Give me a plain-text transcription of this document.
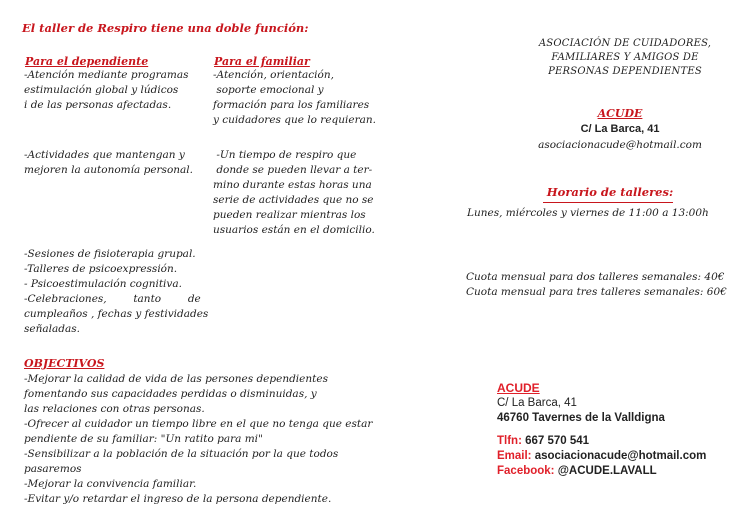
El taller de Respiro tiene una doble función:
Para el dependiente
-Atención mediante programas
estimulación global y lúdicos
i de las personas afectadas.
-Actividades que mantengan y
mejoren la autonomía personal.
-Sesiones de fisioterapia grupal.
-Talleres de psicoexpressión.
- Psicoestimulación cognitiva.
-Celebraciones,        tanto        de
cumpleaños , fechas y festividades
señaladas.
Para el familiar
-Atención, orientación,
soporte emocional y
formación para los familiares
y cuidadores que lo requieran.
-Un tiempo de respiro que
donde se pueden llevar a ter-
mino durante estas horas una
serie de actividades que no se
pueden realizar mientras los
usuarios están en el domicilio.
OBJECTIVOS
-Mejorar la calidad de vida de las persones dependientes
fomentando sus capacidades perdidas o disminuidas, y
las relaciones con otras personas.
-Ofrecer al cuidador un tiempo libre en el que no tenga que estar
pendiente de su familiar: "Un ratito para mi"
-Sensibilizar a la población de la situación por la que todos
pasaremos
-Mejorar la convivencia familiar.
-Evitar y/o retardar el ingreso de la persona dependiente.
ASOCIACIÓN DE CUIDADORES,
FAMILIARES Y AMIGOS DE
PERSONAS DEPENDIENTES
ACUDE
C/ La Barca, 41
asociacionacude@hotmail.com
Horario de talleres:
Lunes, miércoles y viernes de 11:00 a 13:00h
Cuota mensual para dos talleres semanales: 40€
Cuota mensual para tres talleres semanales: 60€
ACUDE
C/ La Barca, 41
46760 Tavernes de la Valldigna
Tlfn: 667 570 541
Email: asociacionacude@hotmail.com
Facebook: @ACUDE.LAVALL
